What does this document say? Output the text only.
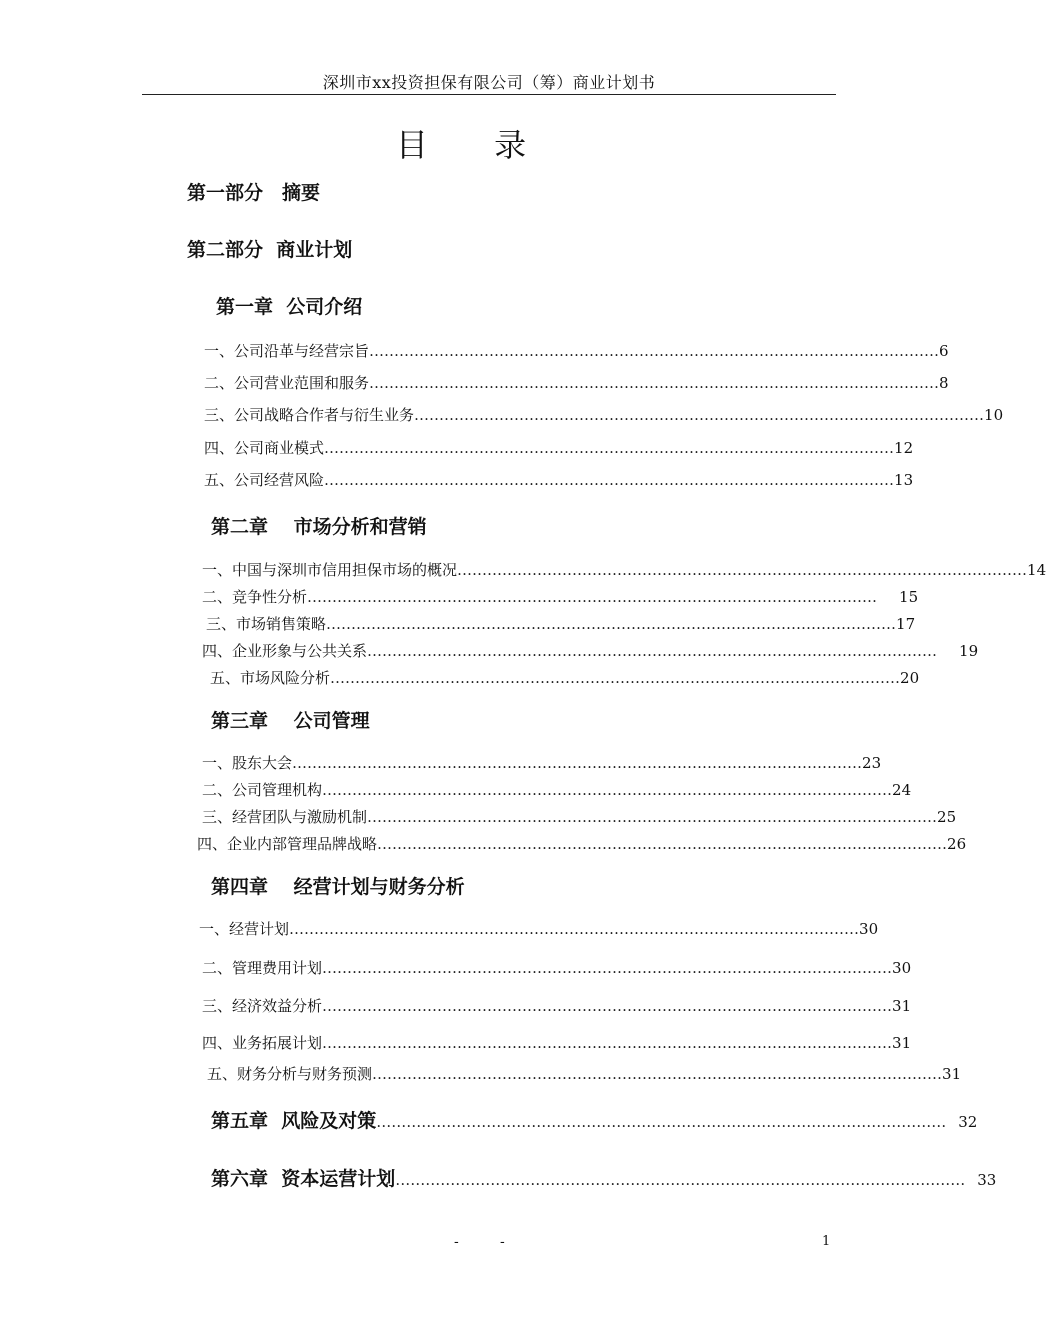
深圳市xx投资担保有限公司（筹）商业计划书
目 录
第一部分　摘要
第二部分  商业计划
第一章  公司介绍
一、 公司沿革与经营宗旨 …………………………………………………………………………………………………… 6
二、 公司营业范围和服务 …………………………………………………………………………………………………… 8
三、 公司战略合作者与衍生业务 …………………………………………………………………………………………………… 10
四、 公司商业模式 …………………………………………………………………………………………………… 12
五、 公司经营风险 …………………………………………………………………………………………………… 13
第二章　 市场分析和营销
一、 中国与深圳市信用担保市场的概况 …………………………………………………………………………………………………… 14
二、 竞争性分析 …………………………………………………………………………………………………… 15
三、 市场销售策略 …………………………………………………………………………………………………… 17
四、 企业形象与公共关系 …………………………………………………………………………………………………… 19
五、 市场风险分析 …………………………………………………………………………………………………… 20
第三章　 公司管理
一、 股东大会 …………………………………………………………………………………………………… 23
二、 公司管理机构 …………………………………………………………………………………………………… 24
三、 经营团队与激励机制 …………………………………………………………………………………………………… 25
四、 企业内部管理品牌战略 …………………………………………………………………………………………………… 26
第四章　 经营计划与财务分析
一、 经营计划 …………………………………………………………………………………………………… 30
二、 管理费用计划 …………………………………………………………………………………………………… 30
三、 经济效益分析 …………………………………………………………………………………………………… 31
四、 业务拓展计划 …………………………………………………………………………………………………… 31
五、 财务分析与财务预测 …………………………………………………………………………………………………… 31
第五章  风险及对策 …………………………………………………………………………………………………… 32
第六章  资本运营计划 …………………………………………………………………………………………………… 33
-	-	1
